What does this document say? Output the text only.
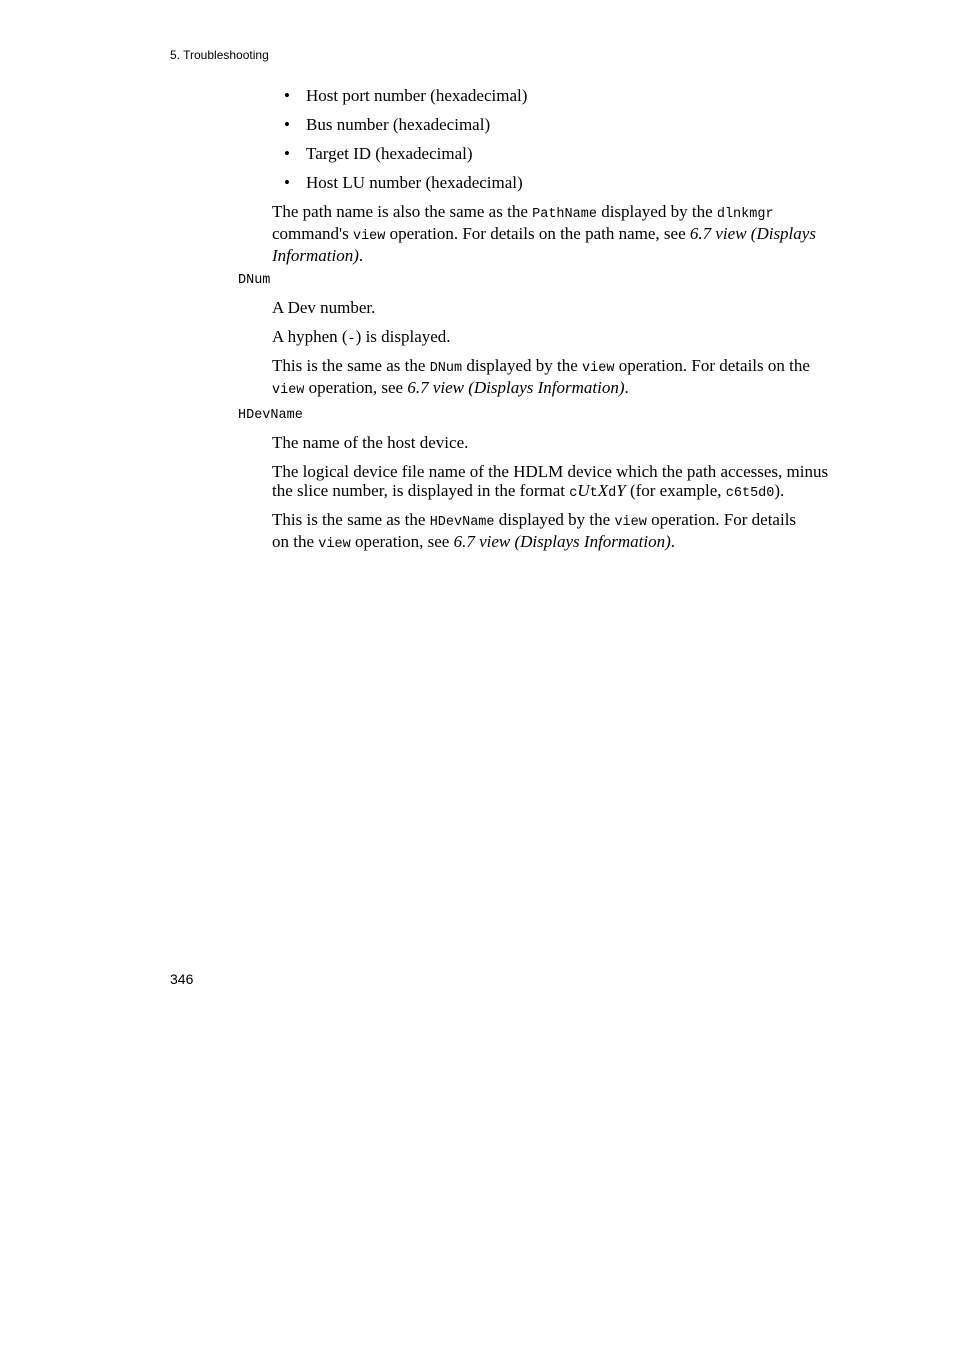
5. Troubleshooting
• Host port number (hexadecimal)
• Bus number (hexadecimal)
• Target ID (hexadecimal)
• Host LU number (hexadecimal)

The path name is also the same as the PathName displayed by the dlnkmgr
command's view operation. For details on the path name, see 6.7 view (Displays
Information).

DNum

A Dev number.

A hyphen (-) is displayed.

This is the same as the DNum displayed by the view operation. For details on the
view operation, see 6.7 view (Displays Information).

HDevName

The name of the host device.

The logical device file name of the HDLM device which the path accesses, minus
the slice number, is displayed in the format cUtXdY (for example, c6t5d0).

This is the same as the HDevName displayed by the view operation. For details
on the view operation, see 6.7 view (Displays Information).

346
